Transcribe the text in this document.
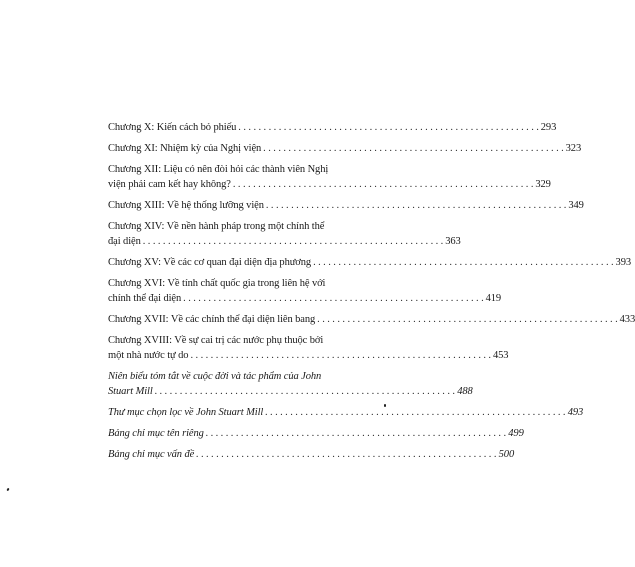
Chương X: Kiến cách bỏ phiếu . . .	293
Chương XI: Nhiệm kỳ của Nghị viện . . .	323
Chương XII: Liệu có nên đòi hỏi các thành viên Nghị
viện phải cam kết hay không? . . .	329
Chương XIII: Về hệ thống lưỡng viện . . .	349
Chương XIV: Về nền hành pháp trong một chính thể
đại diện . . .	363
Chương XV: Về các cơ quan đại diện địa phương . . .	393
Chương XVI: Về tính chất quốc gia trong liên hệ với
chính thể đại diện . . .	419
Chương XVII: Về các chính thể đại diện liên bang . . .	433
Chương XVIII: Về sự cai trị các nước phụ thuộc bởi
một nhà nước tự do . . .	453
Niên biểu tóm tắt về cuộc đời và tác phẩm của John
Stuart Mill . . .	488
Thư mục chọn lọc về John Stuart Mill . . .	493
Bảng chỉ mục tên riêng . . .	499
Bảng chỉ mục vấn đề . . .	500
